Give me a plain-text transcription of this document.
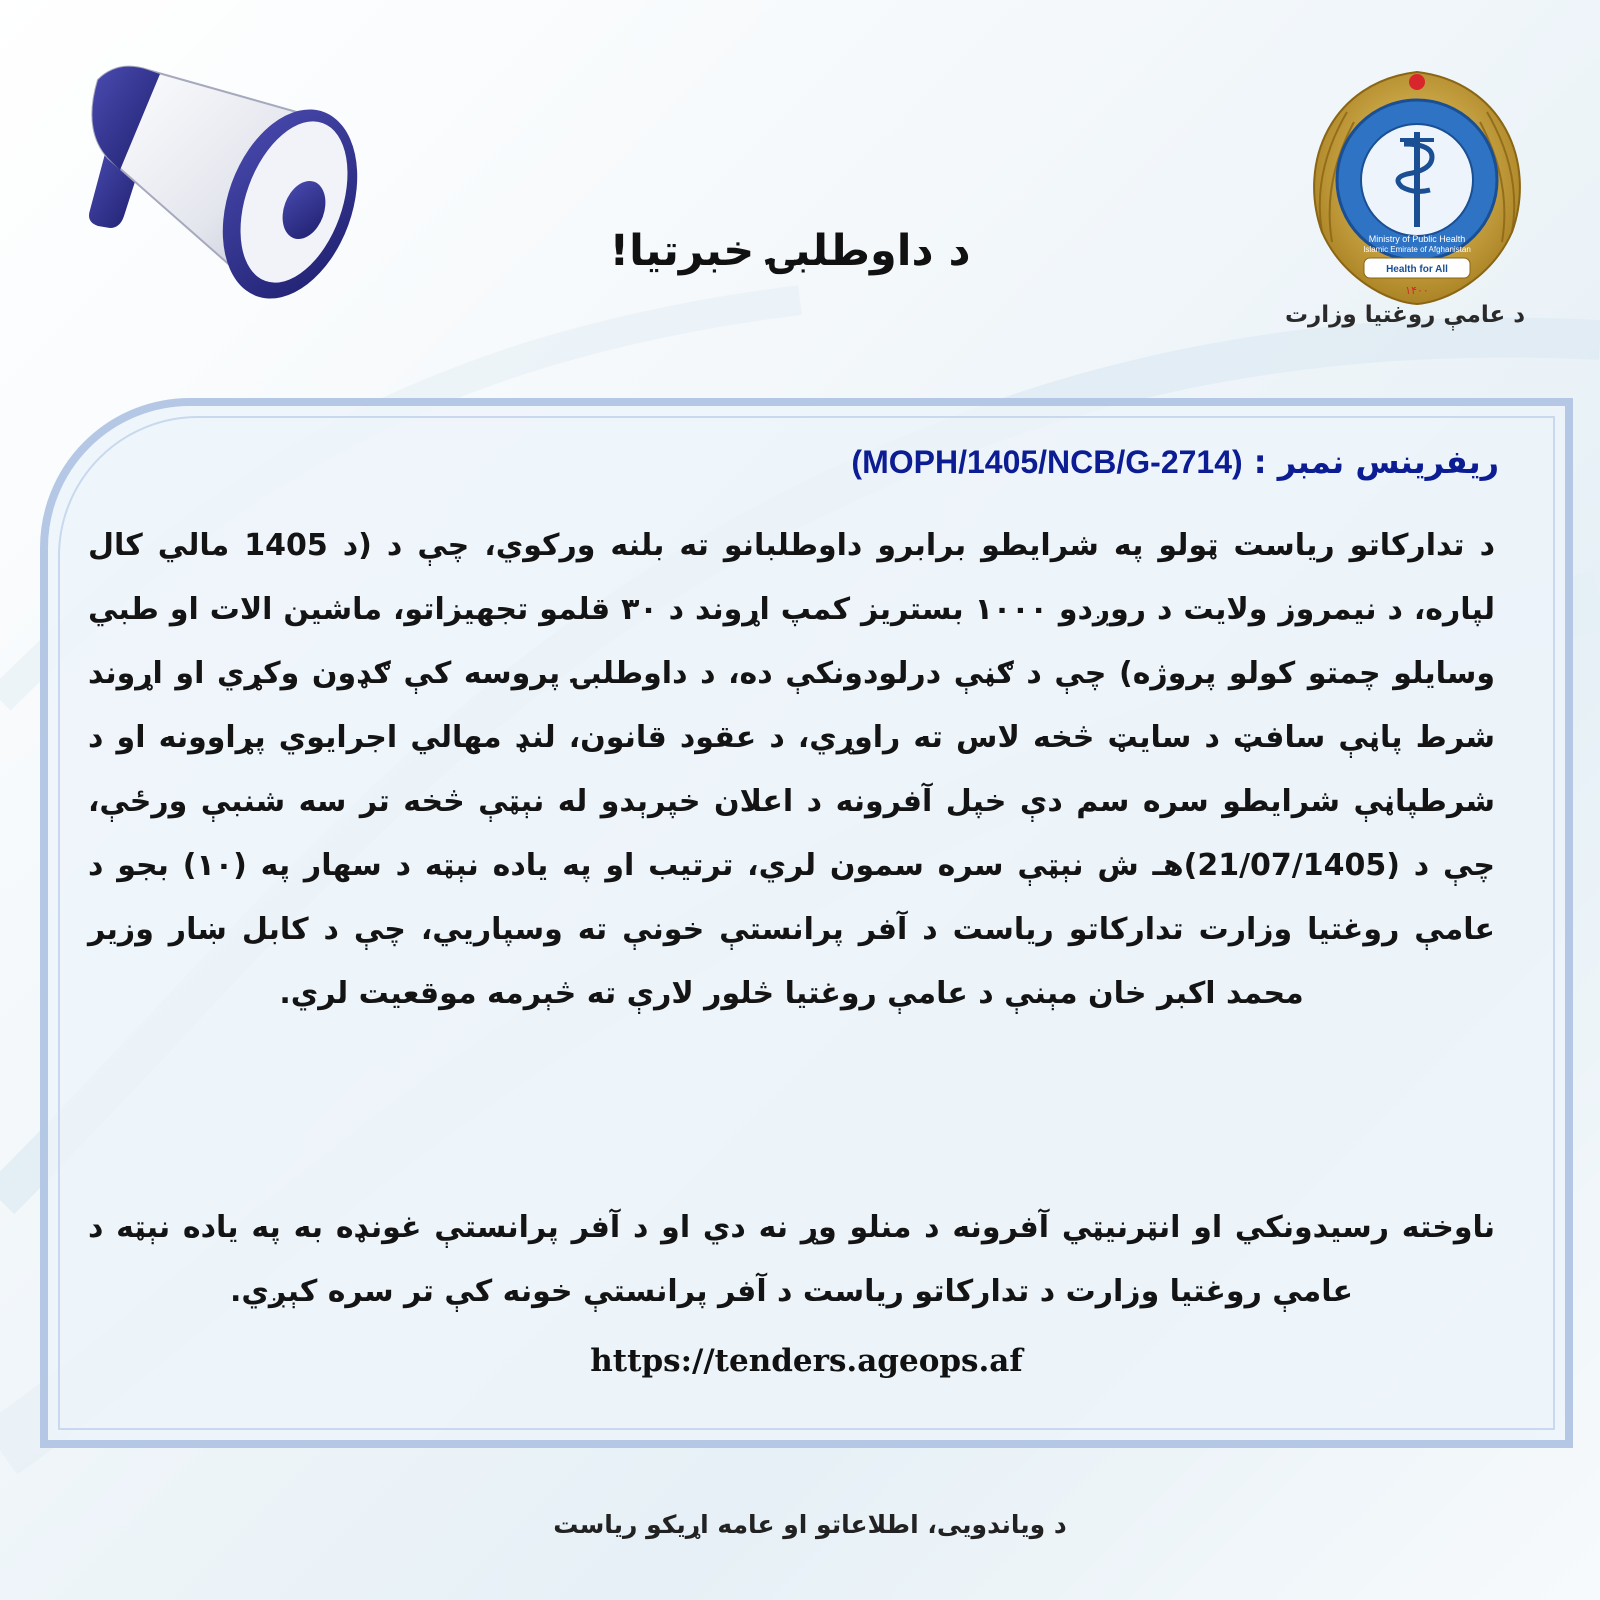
Ministry of Public Health
Islamic Emirate of Afghanistan
Health for All
۱۴۰۰
د عامې روغتیا وزارت
د داوطلبۍ خبرتیا!
ریفرینس نمبر : (MOPH/1405/NCB/G-2714)

د تدارکاتو ریاست ټولو په شرایطو برابرو داوطلبانو ته بلنه ورکوي، چې د (د 1405 مالي کال لپاره، د نیمروز ولایت د روږدو ۱۰۰۰ بستریز کمپ اړوند د ۳۰ قلمو تجهیزاتو، ماشین الات او طبي وسایلو چمتو کولو پروژه) چې د ګڼې درلودونکې ده، د داوطلبۍ پروسه کې ګډون وکړي او اړوند شرط پاڼې سافټ د سایټ څخه لاس ته راوړي، د عقود قانون، لنډ مهالي اجرایوي پړاوونه او د شرطپاڼې شرایطو سره سم دې خپل آفرونه د اعلان خپرېدو له نېټې څخه تر سه شنبې ورځې، چې د (21/07/1405)هـ ش نېټې سره سمون لري، ترتیب او په یاده نېټه د سهار په (۱۰) بجو د عامې روغتیا وزارت تدارکاتو ریاست د آفر پرانستې خونې ته وسپاریي، چې د کابل ښار وزیر محمد اکبر خان مېنې د عامې روغتیا څلور لارې ته څېرمه موقعیت لري.

ناوخته رسیدونکي او انټرنیټي آفرونه د منلو وړ نه دي او د آفر پرانستې غونډه به په یاده نېټه د عامې روغتیا وزارت د تدارکاتو ریاست د آفر پرانستې خونه کې تر سره کېږي.

https://tenders.ageops.af
د ویاندویی، اطلاعاتو او عامه اړیکو ریاست
